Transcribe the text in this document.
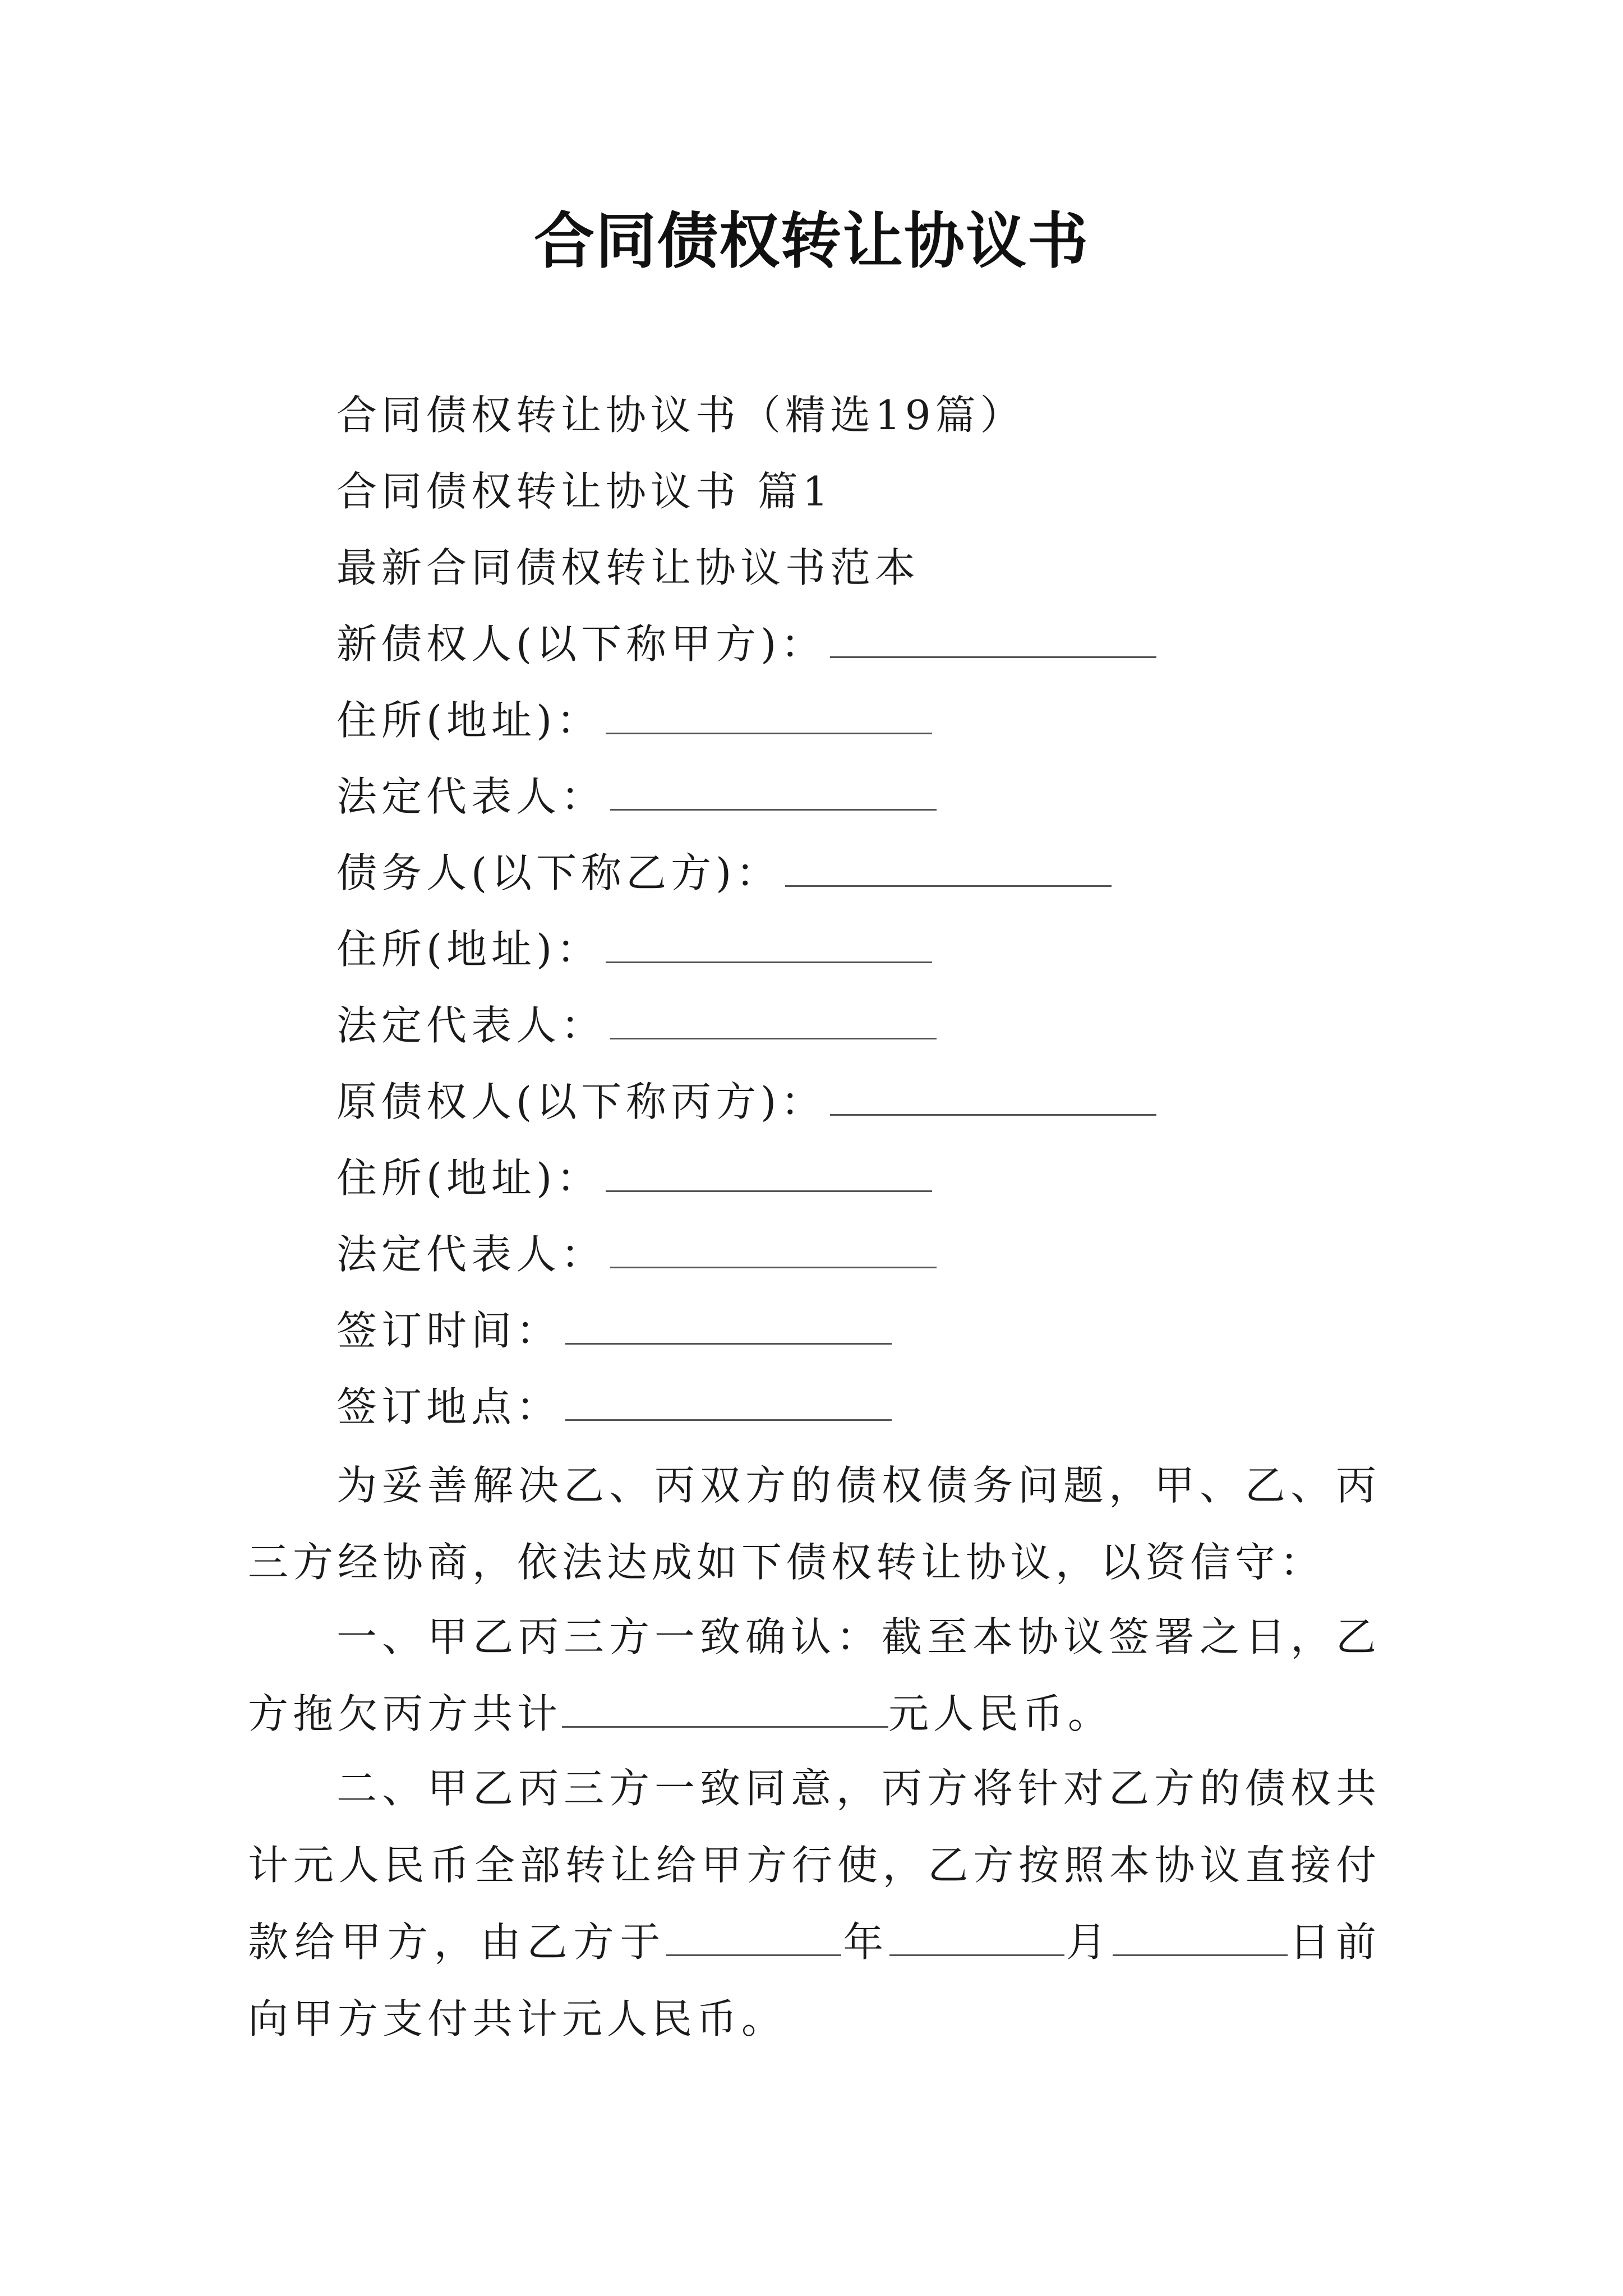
合同债权转让协议书
合同债权转让协议书（精选19篇）
合同债权转让协议书 篇1
最新合同债权转让协议书范本
新债权人(以下称甲方)：
住所(地址)：
法定代表人：
债务人(以下称乙方)：
住所(地址)：
法定代表人：
原债权人(以下称丙方)：
住所(地址)：
法定代表人：
签订时间：
签订地点：

为妥善解决乙、丙双方的债权债务问题，甲、乙、丙三方经协商，依法达成如下债权转让协议，以资信守：

一、甲乙丙三方一致确认：截至本协议签署之日，乙方拖欠丙方共计	元人民币。

二、甲乙丙三方一致同意，丙方将针对乙方的债权共计元人民币全部转让给甲方行使，乙方按照本协议直接付款给甲方，由乙方于	年	月	日前向甲方支付共计元人民币。
